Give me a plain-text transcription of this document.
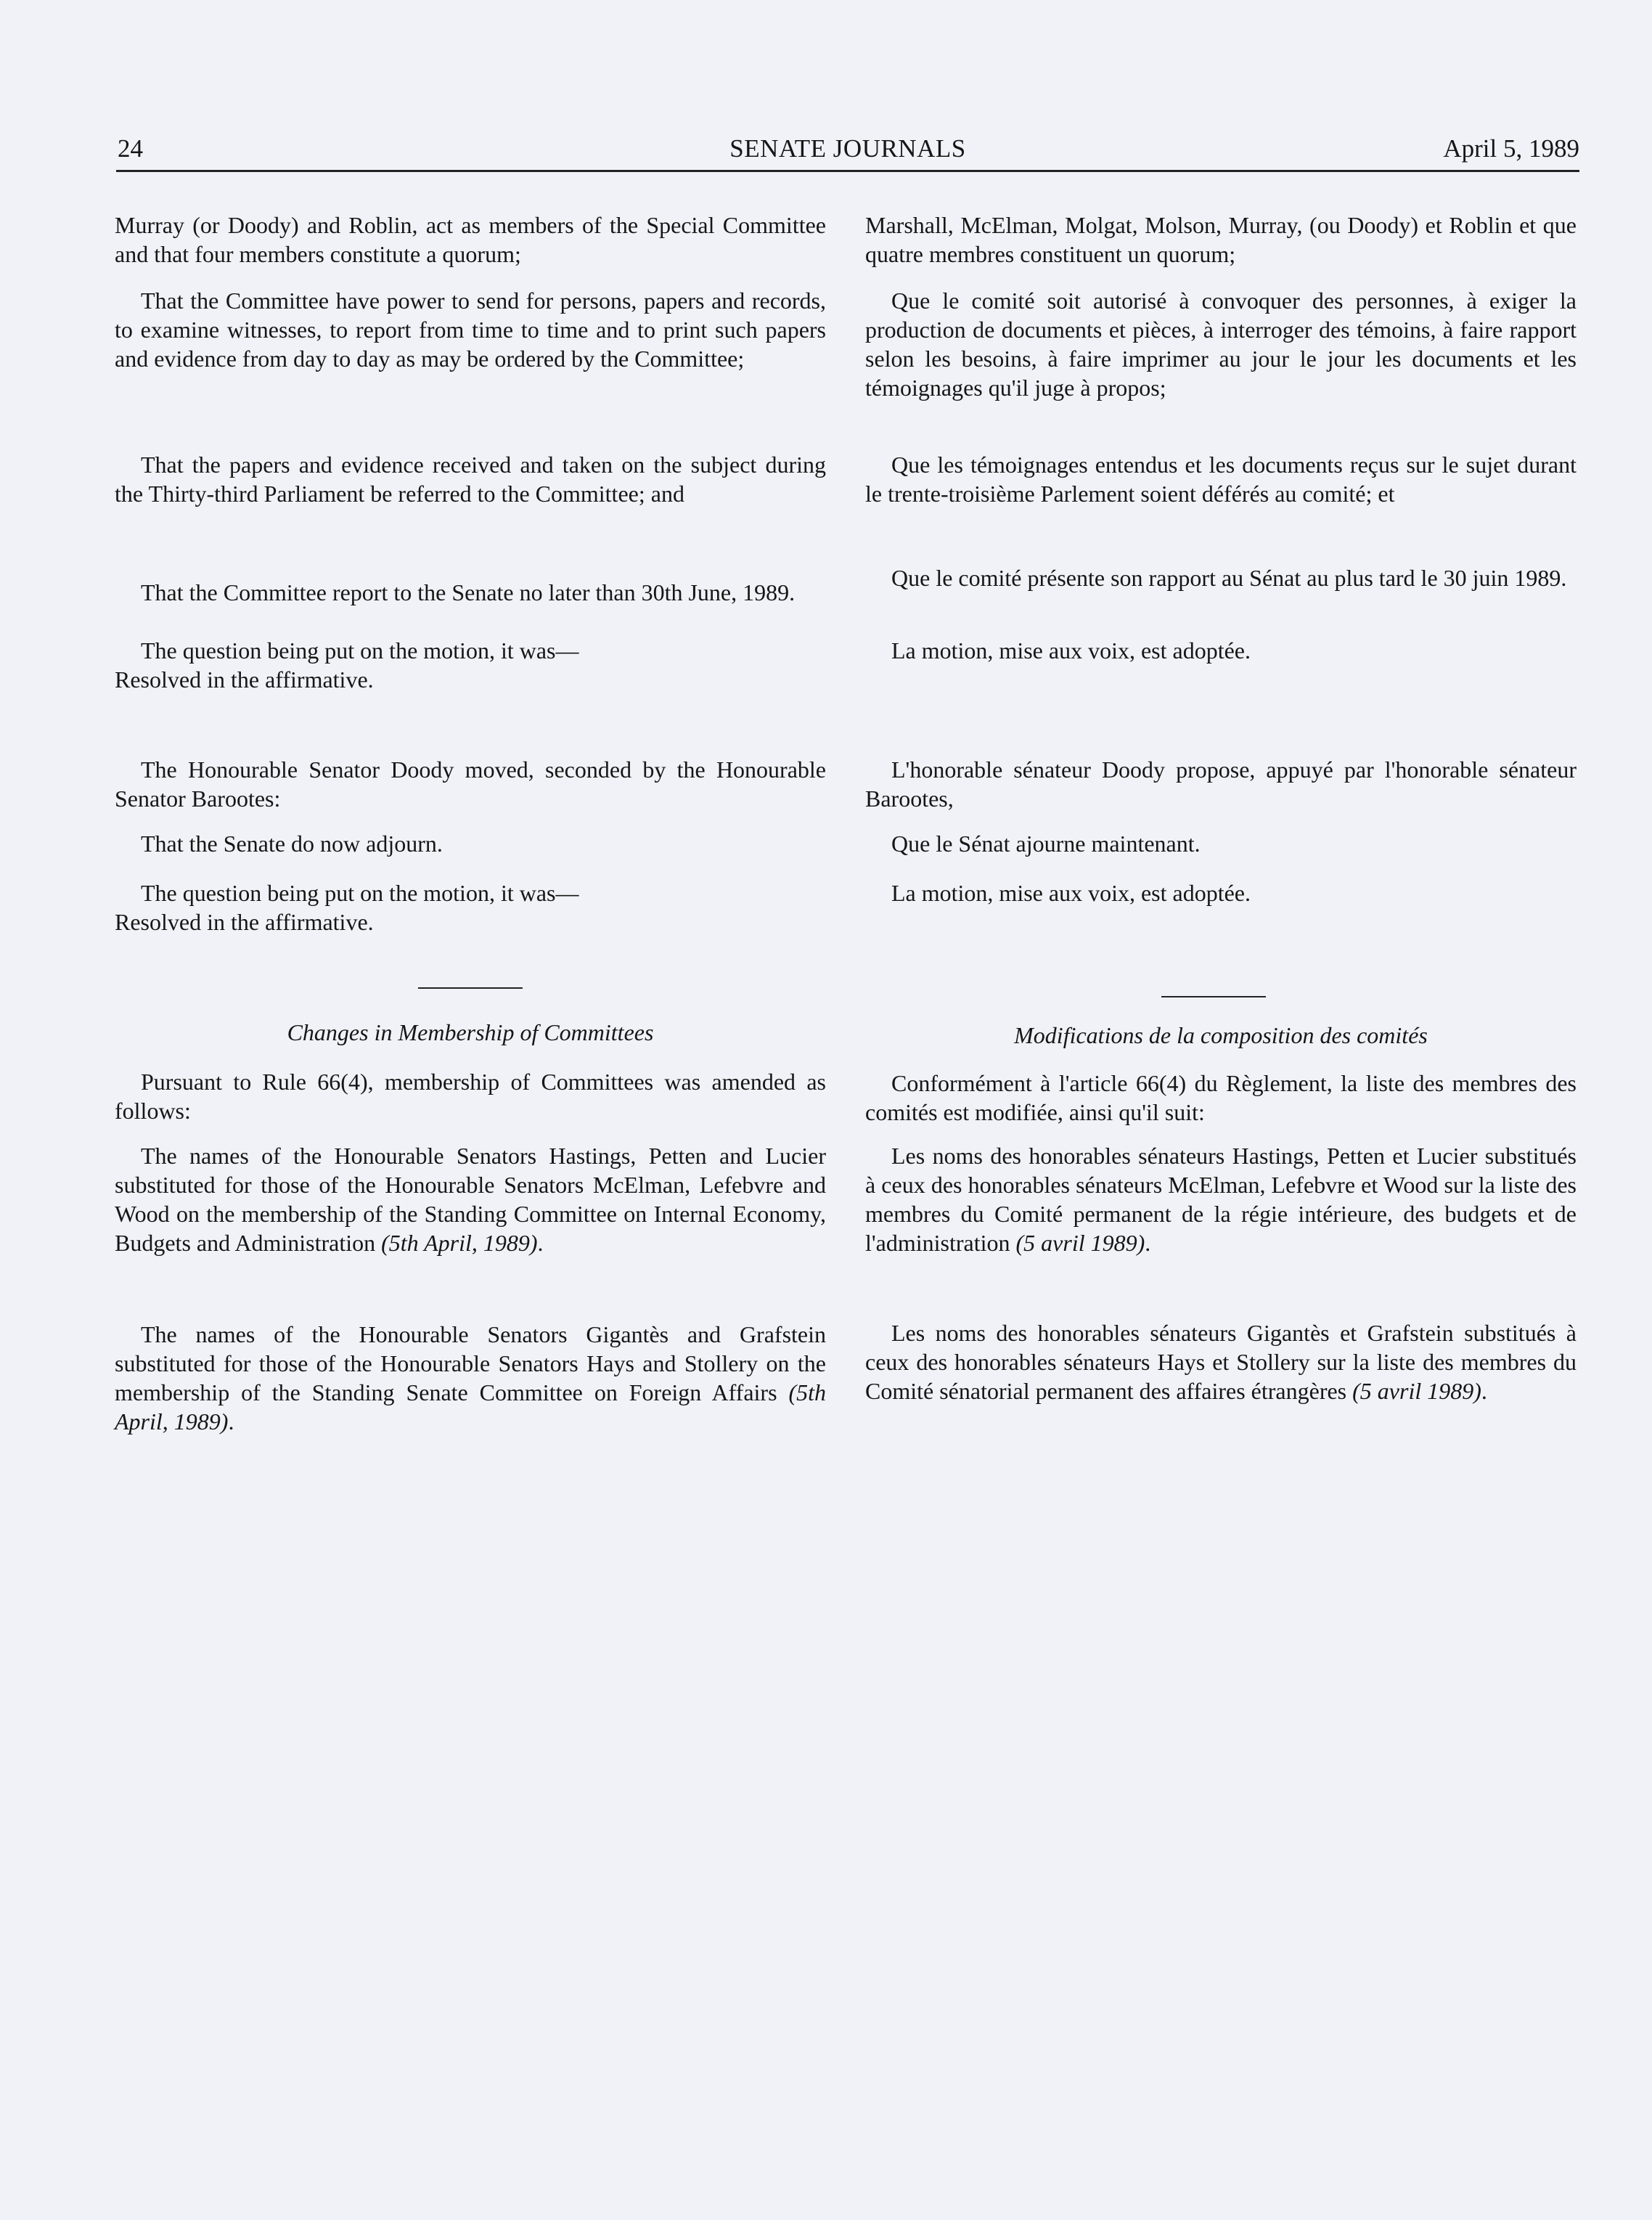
24	SENATE JOURNALS	April 5, 1989

Murray (or Doody) and Roblin, act as members of the Special Committee and that four members constitute a quorum;

That the Committee have power to send for persons, papers and records, to examine witnesses, to report from time to time and to print such papers and evidence from day to day as may be ordered by the Committee;

That the papers and evidence received and taken on the subject during the Thirty-third Parliament be referred to the Committee; and

That the Committee report to the Senate no later than 30th June, 1989.

The question being put on the motion, it was—

Resolved in the affirmative.

The Honourable Senator Doody moved, seconded by the Honourable Senator Barootes:

That the Senate do now adjourn.

The question being put on the motion, it was—

Resolved in the affirmative.

Changes in Membership of Committees

Pursuant to Rule 66(4), membership of Committees was amended as follows:

The names of the Honourable Senators Hastings, Petten and Lucier substituted for those of the Honourable Senators McElman, Lefebvre and Wood on the membership of the Standing Committee on Internal Economy, Budgets and Administration (5th April, 1989).

The names of the Honourable Senators Gigantès and Grafstein substituted for those of the Honourable Senators Hays and Stollery on the membership of the Standing Senate Committee on Foreign Affairs (5th April, 1989).

Marshall, McElman, Molgat, Molson, Murray, (ou Doody) et Roblin et que quatre membres constituent un quorum;

Que le comité soit autorisé à convoquer des personnes, à exiger la production de documents et pièces, à interroger des témoins, à faire rapport selon les besoins, à faire imprimer au jour le jour les documents et les témoignages qu'il juge à propos;

Que les témoignages entendus et les documents reçus sur le sujet durant le trente-troisième Parlement soient déférés au comité; et

Que le comité présente son rapport au Sénat au plus tard le 30 juin 1989.

La motion, mise aux voix, est adoptée.

L'honorable sénateur Doody propose, appuyé par l'honorable sénateur Barootes,

Que le Sénat ajourne maintenant.

La motion, mise aux voix, est adoptée.

Modifications de la composition des comités

Conformément à l'article 66(4) du Règlement, la liste des membres des comités est modifiée, ainsi qu'il suit:

Les noms des honorables sénateurs Hastings, Petten et Lucier substitués à ceux des honorables sénateurs McElman, Lefebvre et Wood sur la liste des membres du Comité permanent de la régie intérieure, des budgets et de l'administration (5 avril 1989).

Les noms des honorables sénateurs Gigantès et Grafstein substitués à ceux des honorables sénateurs Hays et Stollery sur la liste des membres du Comité sénatorial permanent des affaires étrangères (5 avril 1989).
